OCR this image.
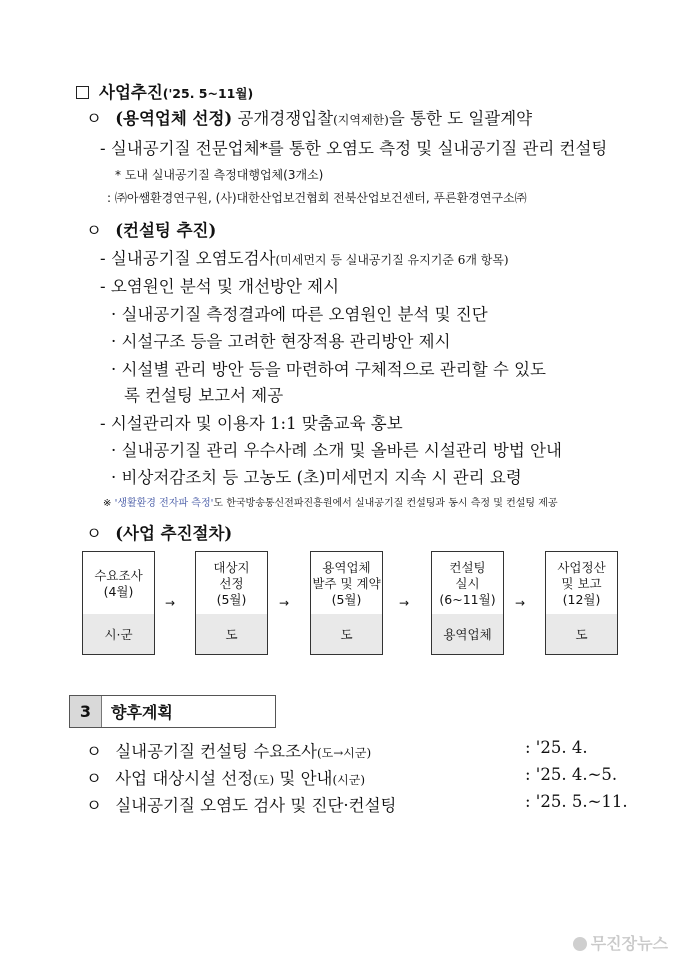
사업추진('25. 5~11월)
ㅇ (용역업체 선정) 공개경쟁입찰(지역제한)을 통한 도 일괄계약
- 실내공기질 전문업체*를 통한 오염도 측정 및 실내공기질 관리 컨설팅
* 도내 실내공기질 측정대행업체(3개소)
: ㈜아쌤환경연구원, (사)대한산업보건협회 전북산업보건센터, 푸른환경연구소㈜
ㅇ (컨설팅 추진)
- 실내공기질 오염도검사(미세먼지 등 실내공기질 유지기준 6개 항목)
- 오염원인 분석 및 개선방안 제시
· 실내공기질 측정결과에 따른 오염원인 분석 및 진단
· 시설구조 등을 고려한 현장적용 관리방안 제시
· 시설별 관리 방안 등을 마련하여 구체적으로 관리할 수 있도
록 컨설팅 보고서 제공
- 시설관리자 및 이용자 1:1 맞춤교육 홍보
· 실내공기질 관리 우수사례 소개 및 올바른 시설관리 방법 안내
· 비상저감조치 등 고농도 (초)미세먼지 지속 시 관리 요령
※ '생활환경 전자파 측정'도 한국방송통신전파진흥원에서 실내공기질 컨설팅과 동시 측정 및 컨설팅 제공
ㅇ (사업 추진절차)
수요조사
(4월)
시·군
→
대상지
선정
(5월)
도
→
용역업체
발주 및 계약
(5월)
도
→
컨설팅
실시
(6~11월)
용역업체
→
사업정산
및 보고
(12월)
도
3	향후계획
ㅇ 실내공기질 컨설팅 수요조사(도→시군)	: '25. 4.
ㅇ 사업 대상시설 선정(도) 및 안내(시군)	: '25. 4.~5.
ㅇ 실내공기질 오염도 검사 및 진단·컨설팅	: '25. 5.~11.
무진장뉴스
